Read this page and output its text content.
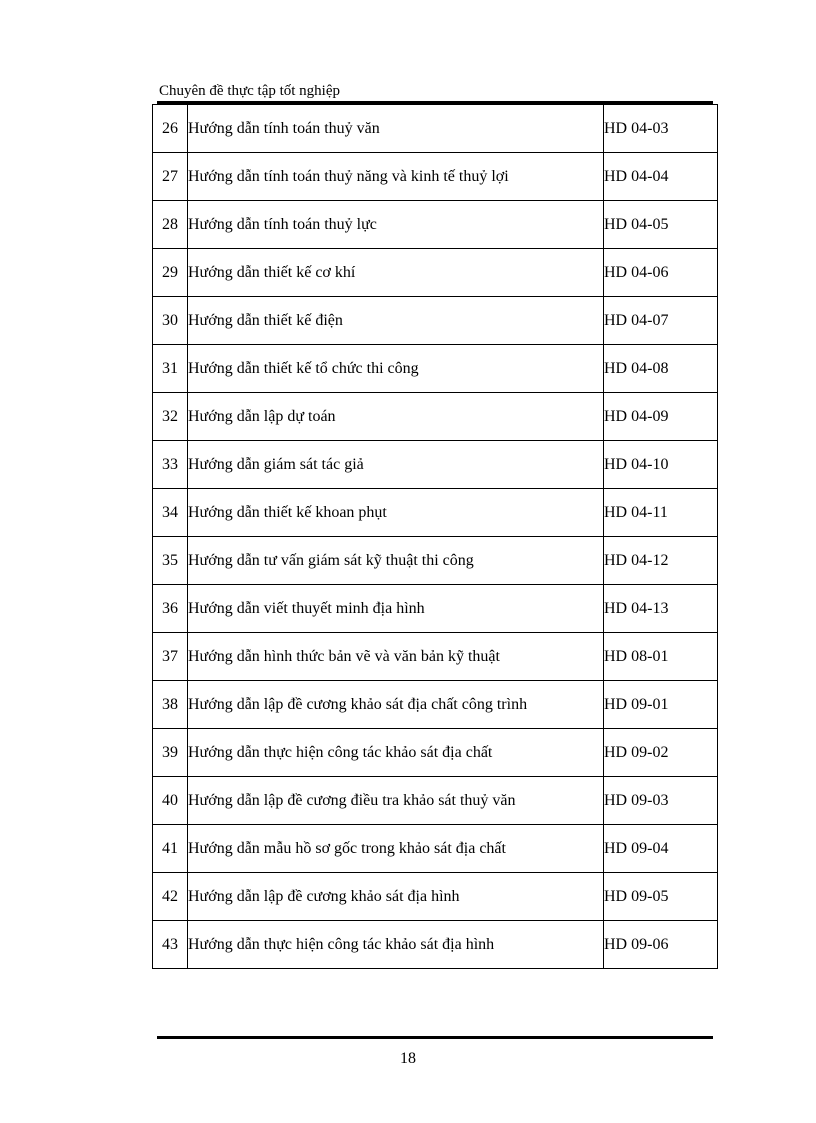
Chuyên đề thực tập tốt nghiệp
26	Hướng dẫn tính toán thuỷ văn	HD 04-03
27	Hướng dẫn tính toán thuỷ năng và kinh tế thuỷ lợi	HD 04-04
28	Hướng dẫn tính toán thuỷ lực	HD 04-05
29	Hướng dẫn thiết kế cơ khí	HD 04-06
30	Hướng dẫn thiết kế điện	HD 04-07
31	Hướng dẫn thiết kế tổ chức thi công	HD 04-08
32	Hướng dẫn lập dự toán	HD 04-09
33	Hướng dẫn giám sát tác giả	HD 04-10
34	Hướng dẫn thiết kế khoan phụt	HD 04-11
35	Hướng dẫn tư vấn giám sát kỹ thuật thi công	HD 04-12
36	Hướng dẫn viết thuyết minh địa hình	HD 04-13
37	Hướng dẫn hình thức bản vẽ và văn bản kỹ thuật	HD 08-01
38	Hướng dẫn lập đề cương khảo sát địa chất công trình	HD 09-01
39	Hướng dẫn thực hiện công tác khảo sát địa chất	HD 09-02
40	Hướng dẫn lập đề cương điều tra khảo sát thuỷ văn	HD 09-03
41	Hướng dẫn mẫu hồ sơ gốc trong khảo sát địa chất	HD 09-04
42	Hướng dẫn lập đề cương khảo sát địa hình	HD 09-05
43	Hướng dẫn thực hiện công tác khảo sát địa hình	HD 09-06
18
